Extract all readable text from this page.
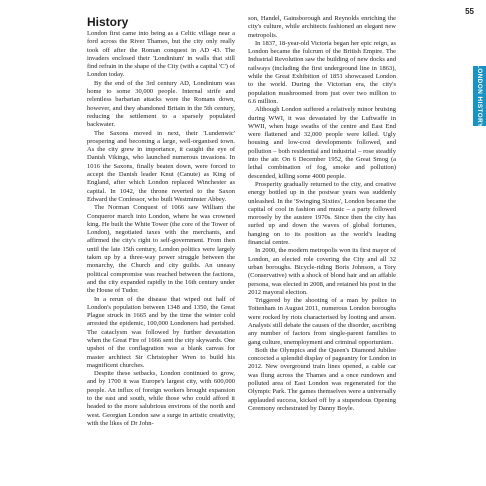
55
LONDON HISTORY
History

London first came into being as a Celtic village near a ford across the River Thames, but the city only really took off after the Roman conquest in AD 43. The invaders enclosed their 'Londinium' in walls that still find refrain in the shape of the City (with a capital 'C') of London today.

By the end of the 3rd century AD, Londinium was home to some 30,000 people. Internal strife and relentless barbarian attacks wore the Romans down, however, and they abandoned Britain in the 5th century, reducing the settlement to a sparsely populated backwater.

The Saxons moved in next, their 'Lundenwic' prospering and becoming a large, well-organised town. As the city grew in importance, it caught the eye of Danish Vikings, who launched numerous invasions. In 1016 the Saxons, finally beaten down, were forced to accept the Danish leader Knut (Canute) as King of England, after which London replaced Winchester as capital. In 1042, the throne reverted to the Saxon Edward the Confessor, who built Westminster Abbey.

The Norman Conquest of 1066 saw William the Conqueror march into London, where he was crowned king. He built the White Tower (the core of the Tower of London), negotiated taxes with the merchants, and affirmed the city's right to self-government. From then until the late 15th century, London politics were largely taken up by a three-way power struggle between the monarchy, the Church and city guilds. An uneasy political compromise was reached between the factions, and the city expanded rapidly in the 16th century under the House of Tudor.

In a rerun of the disease that wiped out half of London's population between 1348 and 1350, the Great Plague struck in 1665 and by the time the winter cold arrested the epidemic, 100,000 Londoners had perished. The cataclysm was followed by further devastation when the Great Fire of 1666 sent the city skywards. One upshot of the conflagration was a blank canvas for master architect Sir Christopher Wren to build his magnificent churches.

Despite these setbacks, London continued to grow, and by 1700 it was Europe's largest city, with 600,000 people. An influx of foreign workers brought expansion to the east and south, while those who could afford it headed to the more salubrious environs of the north and west. Georgian London saw a surge in artistic creativity, with the likes of Dr John-

son, Handel, Gainsborough and Reynolds enriching the city's culture, while architects fashioned an elegant new metropolis.

In 1837, 18-year-old Victoria began her epic reign, as London became the fulcrum of the British Empire. The Industrial Revolution saw the building of new docks and railways (including the first underground line in 1863), while the Great Exhibition of 1851 showcased London to the world. During the Victorian era, the city's population mushroomed from just over two million to 6.6 million.

Although London suffered a relatively minor bruising during WWI, it was devastated by the Luftwaffe in WWII, when huge swaths of the centre and East End were flattened and 32,000 people were killed. Ugly housing and low-cost developments followed, and pollution – both residential and industrial – rose steadily into the air. On 6 December 1952, the Great Smog (a lethal combination of fog, smoke and pollution) descended, killing some 4000 people.

Prosperity gradually returned to the city, and creative energy bottled up in the postwar years was suddenly unleashed. In the 'Swinging Sixties', London became the capital of cool in fashion and music – a party followed morosely by the austere 1970s. Since then the city has surfed up and down the waves of global fortunes, hanging on to its position as the world's leading financial centre.

In 2000, the modern metropolis won its first mayor of London, an elected role covering the City and all 32 urban boroughs. Bicycle-riding Boris Johnson, a Tory (Conservative) with a shock of blond hair and an affable persona, was elected in 2008, and retained his post in the 2012 mayoral election.

Triggered by the shooting of a man by police in Tottenham in August 2011, numerous London boroughs were rocked by riots characterised by looting and arson. Analysts still debate the causes of the disorder, ascribing any number of factors from single-parent families to gang culture, unemployment and criminal opportunism.

Both the Olympics and the Queen's Diamond Jubilee concocted a splendid display of pageantry for London in 2012. New overground train lines opened, a cable car was flung across the Thames and a once rundown and polluted area of East London was regenerated for the Olympic Park. The games themselves were a universally applauded success, kicked off by a stupendous Opening Ceremony orchestrated by Danny Boyle.
